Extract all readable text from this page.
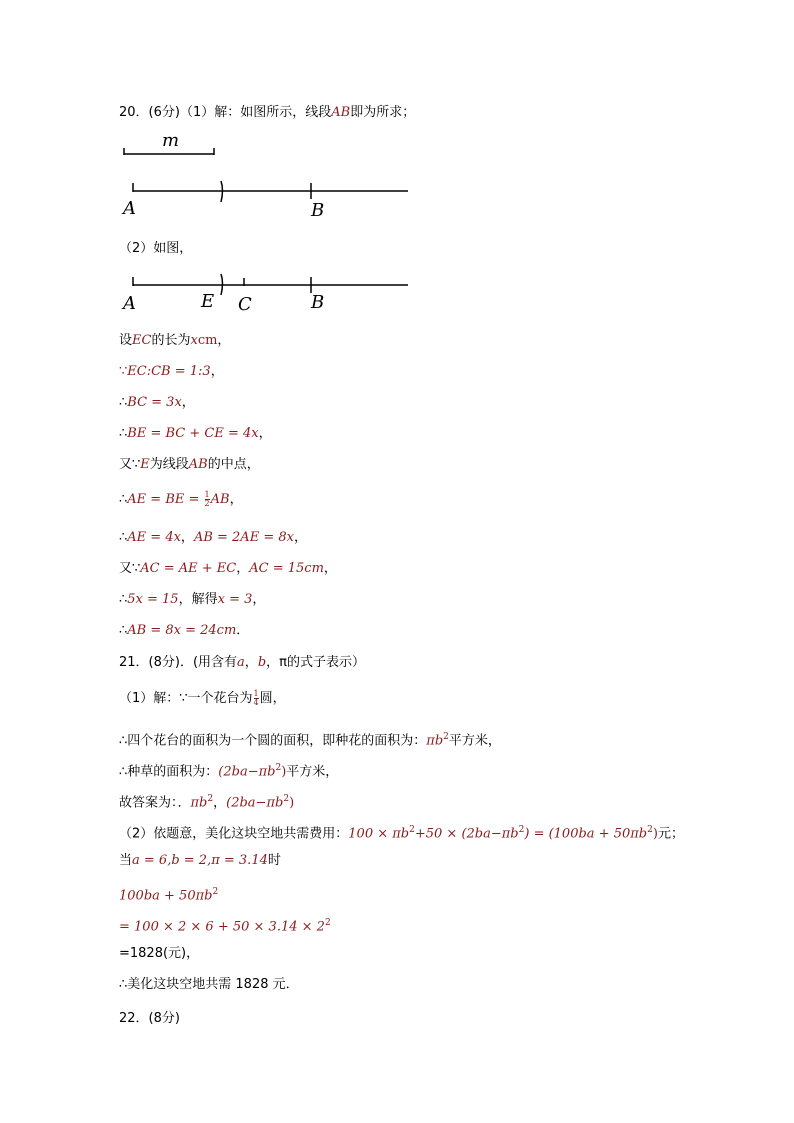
20．(6分)（1）解：如图所示，线段AB即为所求；
m
A	B
（2）如图，
A	E C	B
设EC的长为xcm，
∵EC:CB = 1:3，
∴BC = 3x，
∴BE = BC + CE = 4x，
又∵E为线段AB的中点，
∴AE = BE = $\frac{1}{2}$ AB，
∴AE = 4x，AB = 2AE = 8x，
又∵AC = AE + EC，AC = 15cm，
∴5x = 15，解得x = 3，
∴AB = 8x = 24cm．
21．(8分)．(用含有a，b，π的式子表示）
（1）解：∵一个花台为 $\frac{1}{4}$ 圆，
∴四个花台的面积为一个圆的面积，即种花的面积为：$\pi b^2$平方米，
∴种草的面积为：$(2ba-\pi b^2)$平方米，
故答案为：．$\pi b^2$，$(2ba-\pi b^2)$
（2）依题意，美化这块空地共需费用：$100 \times \pi b^2+50 \times (2ba-\pi b^2) = (100ba + 50\pi b^2)$元；
当a = 6,b = 2,π = 3.14时
$100ba + 50\pi b^2$
= $100 \times 2 \times 6 + 50 \times 3.14 \times 2^2$
=1828(元)，
∴美化这块空地共需 1828 元．
22．(8分)
